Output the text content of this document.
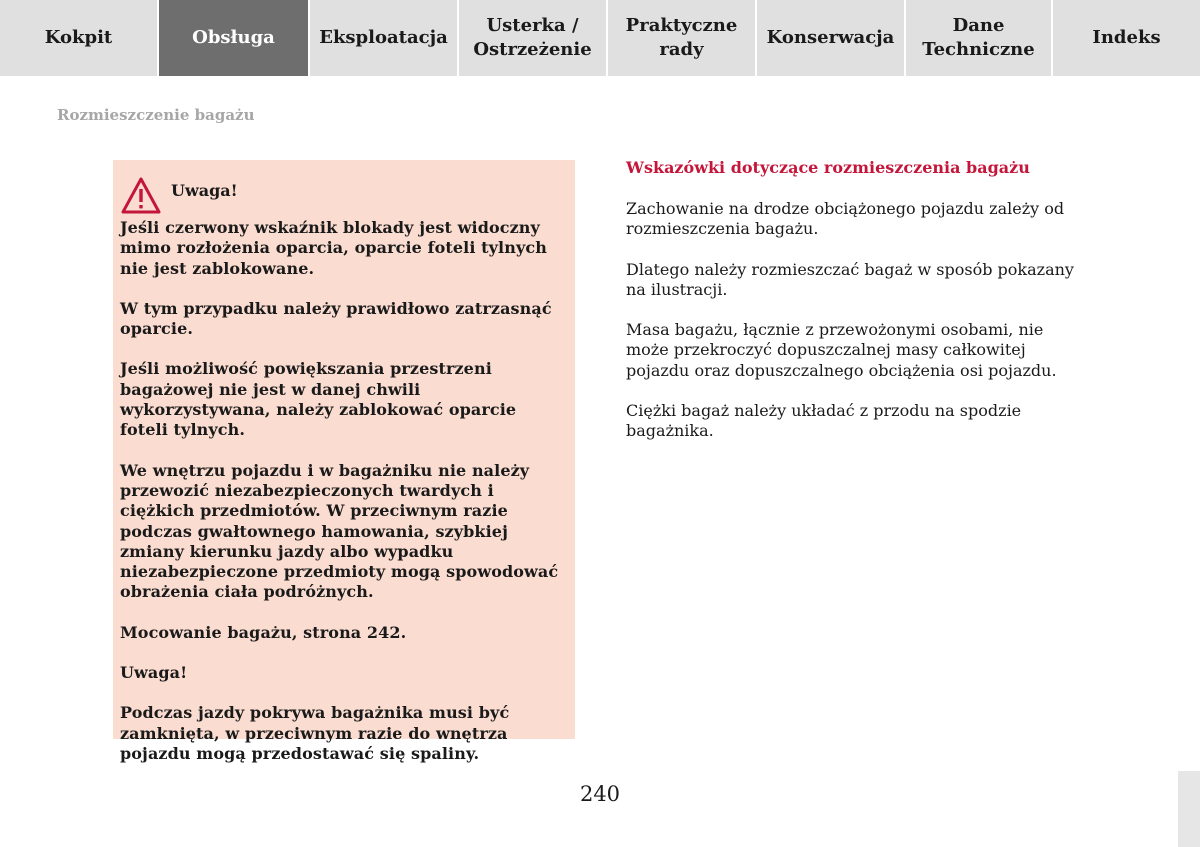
Kokpit	Obsługa Eksploatacja
Usterka /
Ostrzeżenie
Praktyczne
rady
Konserwacja
Dane
Techniczne
Indeks
Rozmieszczenie bagażu
Uwaga!

Jeśli czerwony wskaźnik blokady jest widoczny mimo rozłożenia oparcia, oparcie foteli tylnych nie jest zablokowane.

W tym przypadku należy prawidłowo zatrzasnąć oparcie.

Jeśli możliwość powiększania przestrzeni bagażowej nie jest w danej chwili wykorzystywana, należy zablokować oparcie foteli tylnych.

We wnętrzu pojazdu i w bagażniku nie należy przewozić niezabezpieczonych twardych i ciężkich przedmiotów. W przeciwnym razie podczas gwałtownego hamowania, szybkiej zmiany kierunku jazdy albo wypadku niezabezpieczone przedmioty mogą spowodować obrażenia ciała podróżnych.

Mocowanie bagażu, strona 242.

Uwaga!

Podczas jazdy pokrywa bagażnika musi być zamknięta, w przeciwnym razie do wnętrza pojazdu mogą przedostawać się spaliny.

Wskazówki dotyczące rozmieszczenia bagażu

Zachowanie na drodze obciążonego pojazdu zależy od rozmieszczenia bagażu.

Dlatego należy rozmieszczać bagaż w sposób pokazany na ilustracji.

Masa bagażu, łącznie z przewożonymi osobami, nie może przekroczyć dopuszczalnej masy całkowitej pojazdu oraz dopuszczalnego obciążenia osi pojazdu.

Ciężki bagaż należy układać z przodu na spodzie bagażnika.

240
